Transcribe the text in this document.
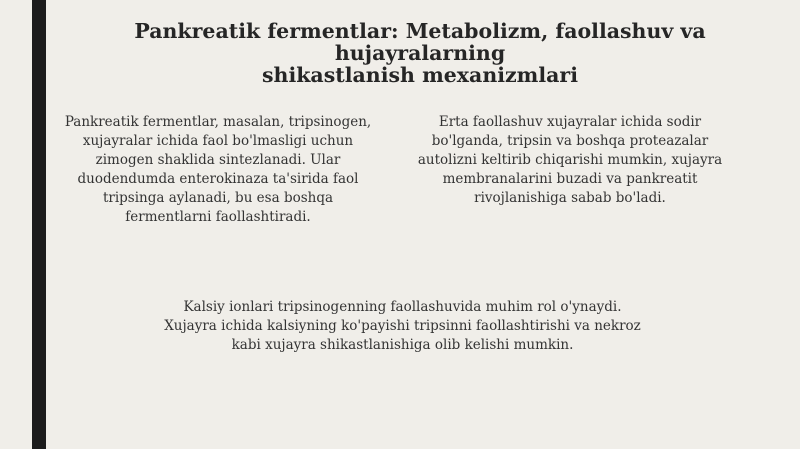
Pankreatik fermentlar: Metabolizm, faollashuv va hujayralarning
shikastlanish mexanizmlari

Pankreatik fermentlar, masalan, tripsinogen,
xujayralar ichida faol bo'lmasligi uchun
zimogen shaklida sintezlanadi. Ular
duodendumda enterokinaza ta'sirida faol
tripsinga aylanadi, bu esa boshqa
fermentlarni faollashtiradi.

Erta faollashuv xujayralar ichida sodir
bo'lganda, tripsin va boshqa proteazalar
autolizni keltirib chiqarishi mumkin, xujayra
membranalarini buzadi va pankreatit
rivojlanishiga sabab bo'ladi.

Kalsiy ionlari tripsinogenning faollashuvida muhim rol o'ynaydi.
Xujayra ichida kalsiyning ko'payishi tripsinni faollashtirishi va nekroz
kabi xujayra shikastlanishiga olib kelishi mumkin.
